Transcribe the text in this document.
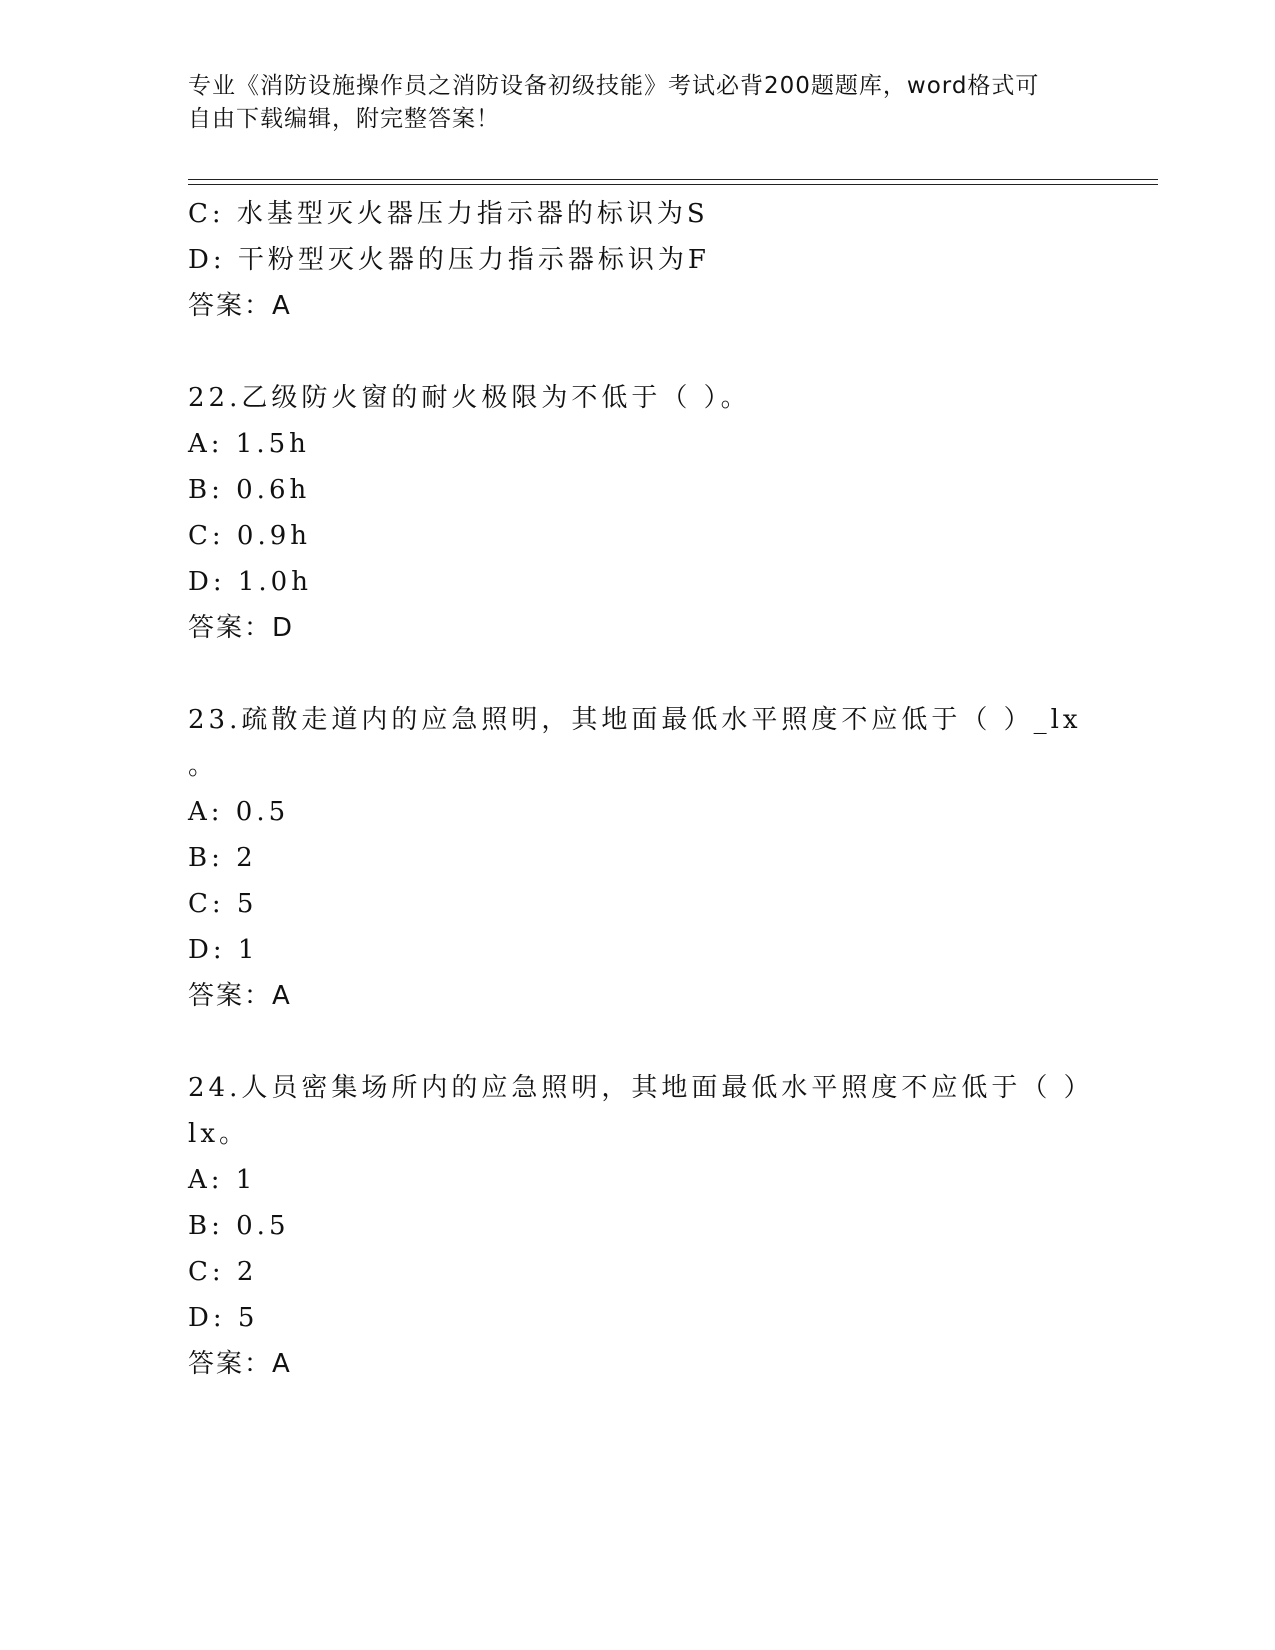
专业《消防设施操作员之消防设备初级技能》考试必背200题题库，word格式可
自由下载编辑，附完整答案！
C: 水基型灭火器压力指示器的标识为S
D: 干粉型灭火器的压力指示器标识为F
答案：A
22.乙级防火窗的耐火极限为不低于（ ）。
A: 1.5h
B: 0.6h
C: 0.9h
D: 1.0h
答案：D
23.疏散走道内的应急照明，其地面最低水平照度不应低于（ ）_lx
。
A: 0.5
B: 2
C: 5
D: 1
答案：A
24.人员密集场所内的应急照明，其地面最低水平照度不应低于（ ）
lx。
A: 1
B: 0.5
C: 2
D: 5
答案：A
